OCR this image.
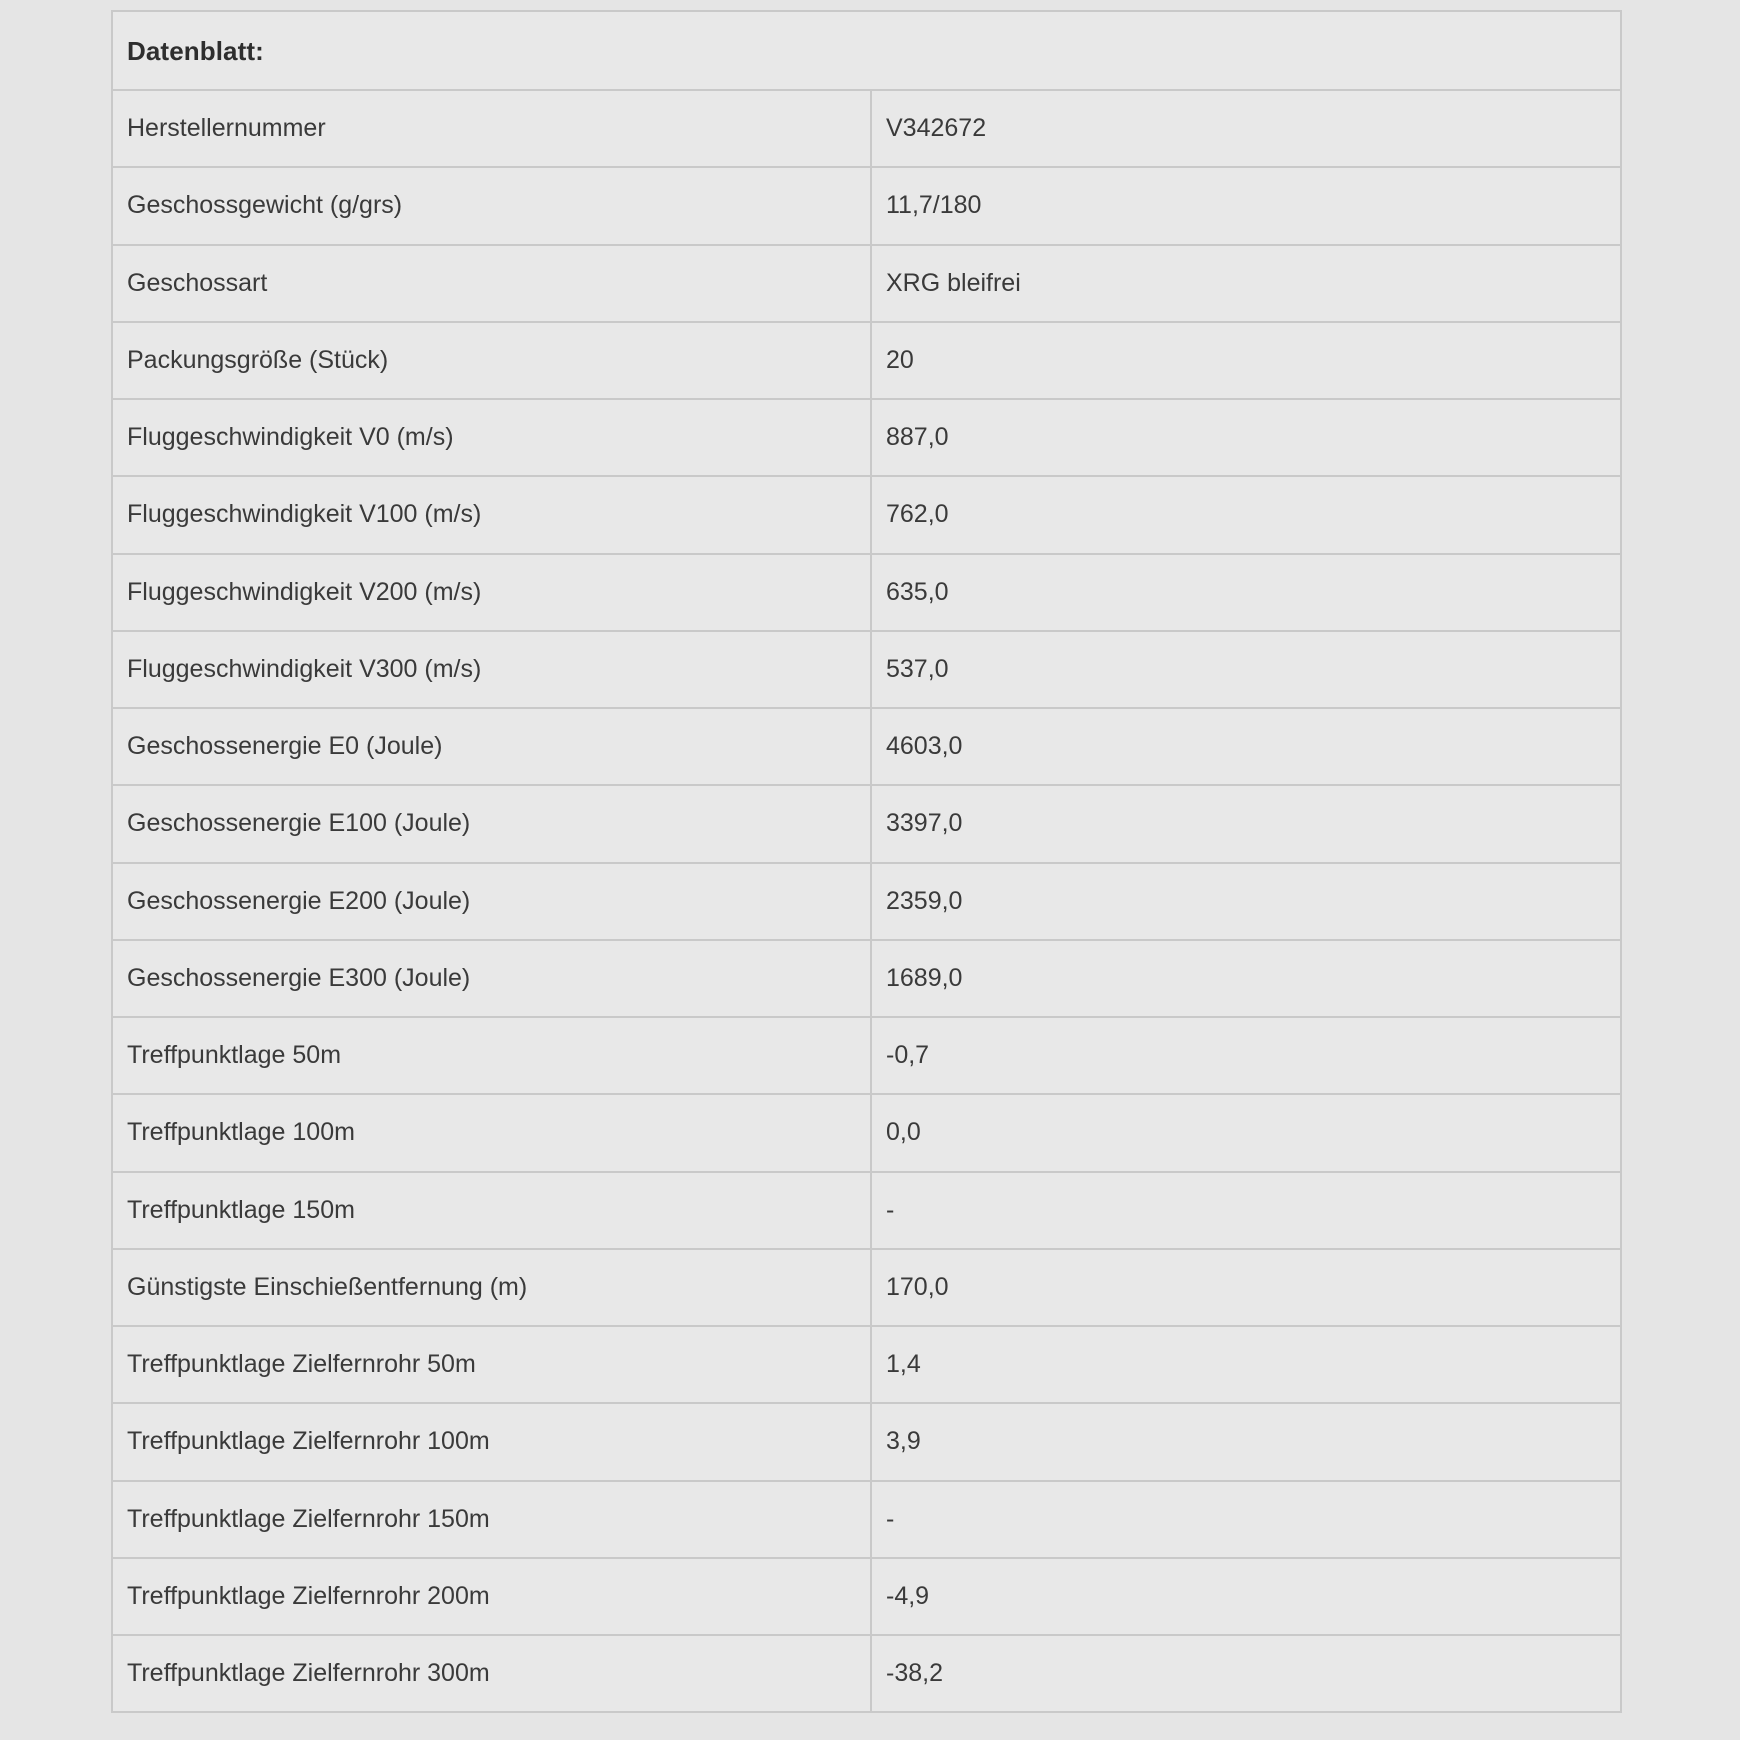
Datenblatt:	
Herstellernummer	V342672
Geschossgewicht (g/grs)	11,7/180
Geschossart	XRG bleifrei
Packungsgröße (Stück)	20
Fluggeschwindigkeit V0 (m/s)	887,0
Fluggeschwindigkeit V100 (m/s)	762,0
Fluggeschwindigkeit V200 (m/s)	635,0
Fluggeschwindigkeit V300 (m/s)	537,0
Geschossenergie E0 (Joule)	4603,0
Geschossenergie E100 (Joule)	3397,0
Geschossenergie E200 (Joule)	2359,0
Geschossenergie E300 (Joule)	1689,0
Treffpunktlage 50m	-0,7
Treffpunktlage 100m	0,0
Treffpunktlage 150m	-
Günstigste Einschießentfernung (m)	170,0
Treffpunktlage Zielfernrohr 50m	1,4
Treffpunktlage Zielfernrohr 100m	3,9
Treffpunktlage Zielfernrohr 150m	-
Treffpunktlage Zielfernrohr 200m	-4,9
Treffpunktlage Zielfernrohr 300m	-38,2
